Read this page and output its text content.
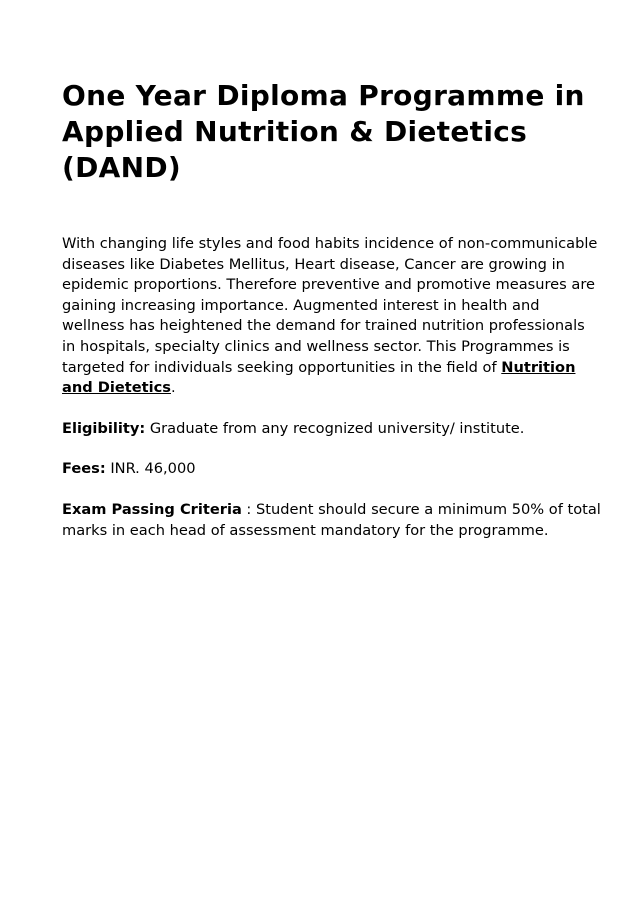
One Year Diploma Programme in Applied Nutrition & Dietetics (DAND)

With changing life styles and food habits incidence of non-communicable diseases like Diabetes Mellitus, Heart disease, Cancer are growing in epidemic proportions. Therefore preventive and promotive measures are gaining increasing importance. Augmented interest in health and wellness has heightened the demand for trained nutrition professionals in hospitals, specialty clinics and wellness sector. This Programmes is targeted for individuals seeking opportunities in the field of Nutrition and Dietetics.

Eligibility: Graduate from any recognized university/ institute.

Fees: INR. 46,000

Exam Passing Criteria : Student should secure a minimum 50% of total marks in each head of assessment mandatory for the programme.
